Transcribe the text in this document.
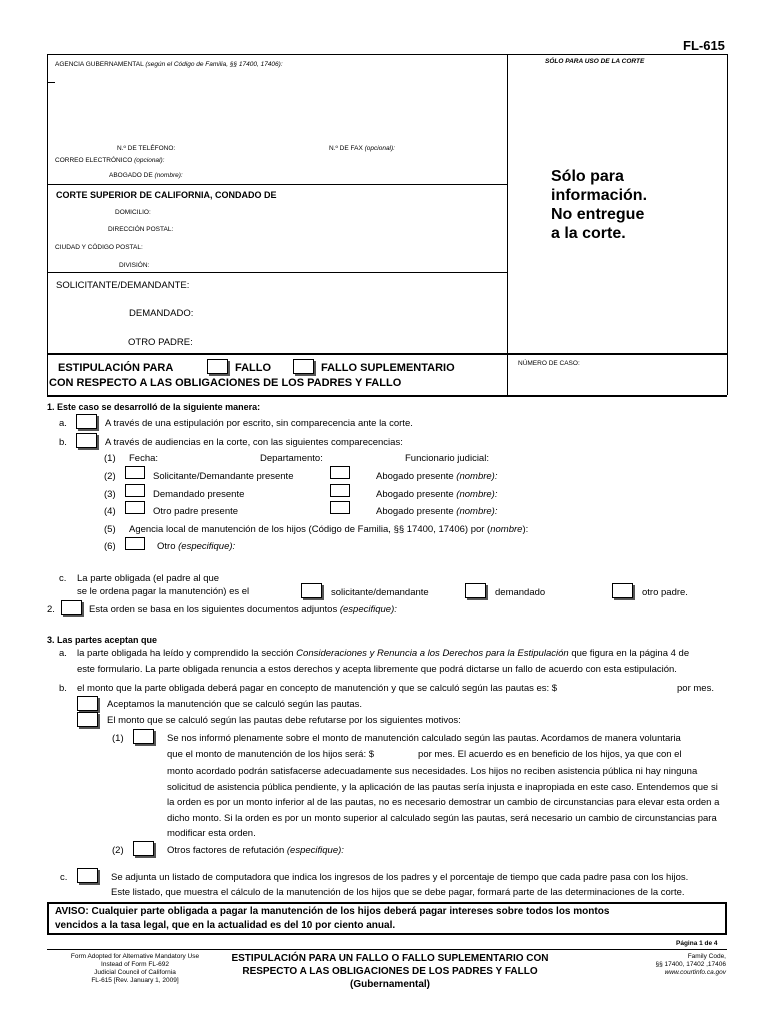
FL-615
AGENCIA GUBERNAMENTAL (según el Código de Familia, §§ 17400, 17406):	SÓLO PARA USO DE LA CORTE
N.º DE TELÉFONO:	N.º DE FAX (opcional):
CORREO ELECTRÓNICO (opcional):
ABOGADO DE (nombre):
CORTE SUPERIOR DE CALIFORNIA, CONDADO DE
DOMICILIO:
DIRECCIÓN POSTAL:
CIUDAD Y CÓDIGO POSTAL:
DIVISIÓN:
Sólo para
información.
No entregue
a la corte.
SOLICITANTE/DEMANDANTE:
DEMANDADO:
OTRO PADRE:
NÚMERO DE CASO:
ESTIPULACIÓN PARA	FALLO	FALLO SUPLEMENTARIO
CON RESPECTO A LAS OBLIGACIONES DE LOS PADRES Y FALLO
1. Este caso se desarrolló de la siguiente manera:
a.	A través de una estipulación por escrito, sin comparecencia ante la corte.
b.	A través de audiencias en la corte, con las siguientes comparecencias:
(1) Fecha:	Departamento:	Funcionario judicial:
(2)	Solicitante/Demandante presente	Abogado presente (nombre):
(3)	Demandado presente	Abogado presente (nombre):
(4)	Otro padre presente	Abogado presente (nombre):
(5) Agencia local de manutención de los hijos (Código de Familia, §§ 17400, 17406) por (nombre):
(6)	Otro (especifique):
c. La parte obligada (el padre al que
se le ordena pagar la manutención) es el	solicitante/demandante	demandado	otro padre.
2.	Esta orden se basa en los siguientes documentos adjuntos (especifique):
3. Las partes aceptan que
a. la parte obligada ha leído y comprendido la sección Consideraciones y Renuncia a los Derechos para la Estipulación que figura en la página 4 de
este formulario. La parte obligada renuncia a estos derechos y acepta libremente que podrá dictarse un fallo de acuerdo con esta estipulación.
b. el monto que la parte obligada deberá pagar en concepto de manutención y que se calculó según las pautas es: $	por mes.
Aceptamos la manutención que se calculó según las pautas.
El monto que se calculó según las pautas debe refutarse por los siguientes motivos:
(1)	Se nos informó plenamente sobre el monto de manutención calculado según las pautas. Acordamos de manera voluntaria
que el monto de manutención de los hijos será: $	por mes. El acuerdo es en beneficio de los hijos, ya que con el
monto acordado podrán satisfacerse adecuadamente sus necesidades. Los hijos no reciben asistencia pública ni hay ninguna solicitud de asistencia pública pendiente, y la aplicación de las pautas sería injusta e inapropiada en este caso. Entendemos que si la orden es por un monto inferior al de las pautas, no es necesario demostrar un cambio de circunstancias para elevar esta orden a dicho monto. Si la orden es por un monto superior al calculado según las pautas, será necesario un cambio de circunstancias para modificar esta orden.
(2)	Otros factores de refutación (especifique):
c.	Se adjunta un listado de computadora que indica los ingresos de los padres y el porcentaje de tiempo que cada padre pasa con los hijos.
Este listado, que muestra el cálculo de la manutención de los hijos que se debe pagar, formará parte de las determinaciones de la corte.
AVISO: Cualquier parte obligada a pagar la manutención de los hijos deberá pagar intereses sobre todos los montos
vencidos a la tasa legal, que en la actualidad es del 10 por ciento anual.
Página 1 de 4
Form Adopted for Alternative Mandatory Use
Instead of Form FL-692
Judicial Council of California
FL-615 [Rev. January 1, 2009]
ESTIPULACIÓN PARA UN FALLO O FALLO SUPLEMENTARIO CON
RESPECTO A LAS OBLIGACIONES DE LOS PADRES Y FALLO
(Gubernamental)
Family Code,
§§ 17400, 17402 ,17406
www.courtinfo.ca.gov
